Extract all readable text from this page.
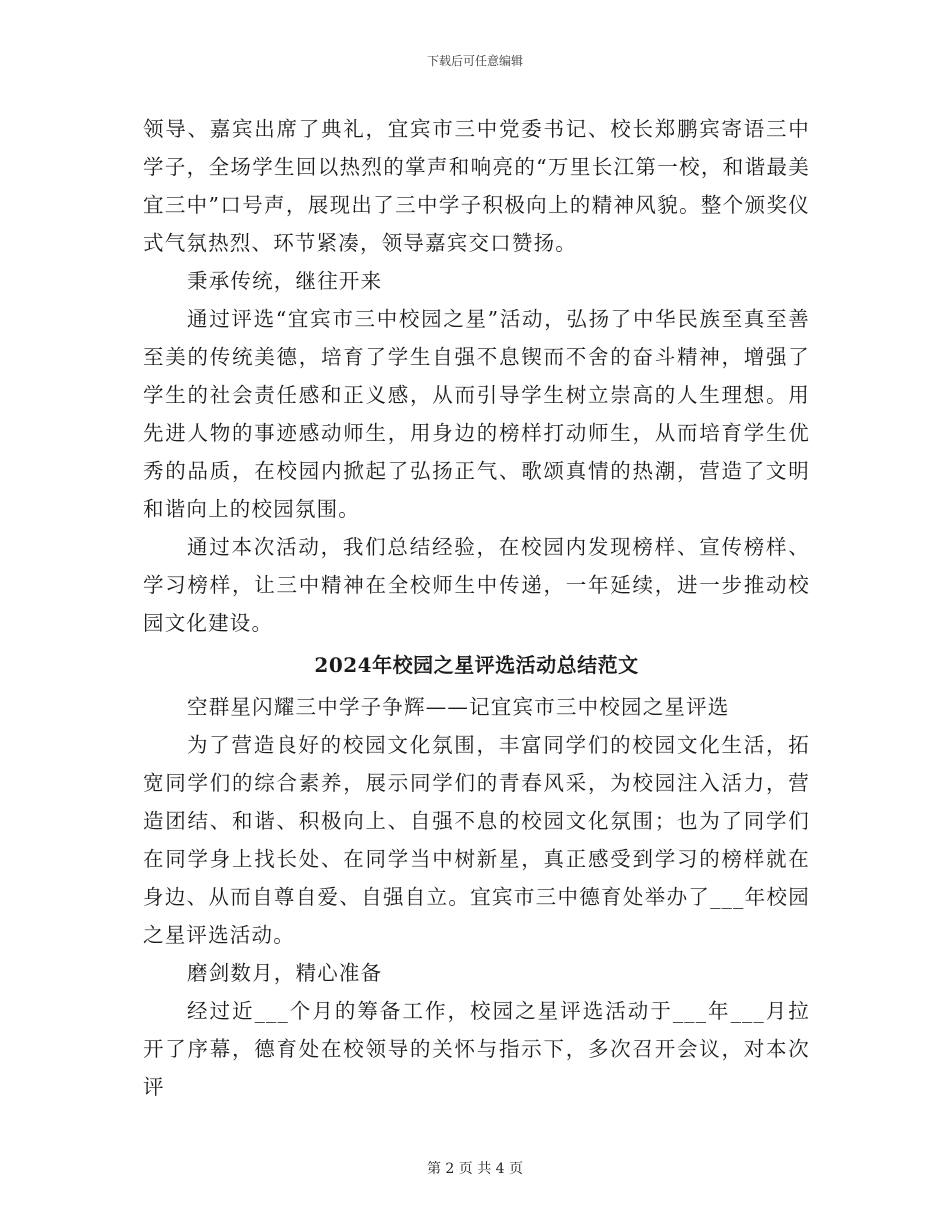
下载后可任意编辑

领导、嘉宾出席了典礼，宜宾市三中党委书记、校长郑鹏宾寄语三中学子，全场学生回以热烈的掌声和响亮的“万里长江第一校，和谐最美宜三中”口号声，展现出了三中学子积极向上的精神风貌。整个颁奖仪式气氛热烈、环节紧凑，领导嘉宾交口赞扬。

秉承传统，继往开来

通过评选“宜宾市三中校园之星”活动，弘扬了中华民族至真至善至美的传统美德，培育了学生自强不息锲而不舍的奋斗精神，增强了学生的社会责任感和正义感，从而引导学生树立崇高的人生理想。用先进人物的事迹感动师生，用身边的榜样打动师生，从而培育学生优秀的品质，在校园内掀起了弘扬正气、歌颂真情的热潮，营造了文明和谐向上的校园氛围。

通过本次活动，我们总结经验，在校园内发现榜样、宣传榜样、学习榜样，让三中精神在全校师生中传递，一年延续，进一步推动校园文化建设。

2024年校园之星评选活动总结范文

空群星闪耀三中学子争辉——记宜宾市三中校园之星评选

为了营造良好的校园文化氛围，丰富同学们的校园文化生活，拓宽同学们的综合素养，展示同学们的青春风采，为校园注入活力，营造团结、和谐、积极向上、自强不息的校园文化氛围；也为了同学们在同学身上找长处、在同学当中树新星，真正感受到学习的榜样就在身边、从而自尊自爱、自强自立。宜宾市三中德育处举办了___年校园之星评选活动。

磨剑数月，精心准备

经过近___个月的筹备工作，校园之星评选活动于___年___月拉开了序幕，德育处在校领导的关怀与指示下，多次召开会议，对本次评

第 2 页 共 4 页
